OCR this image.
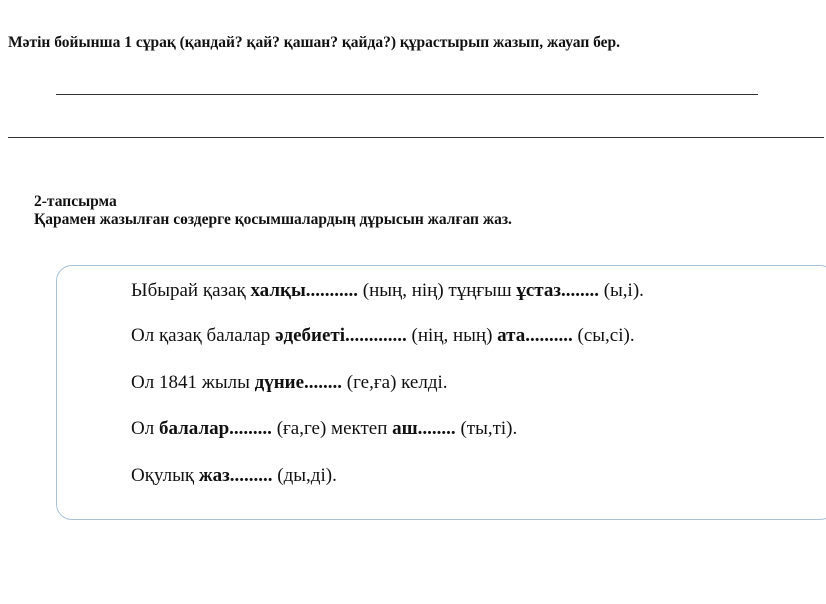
Мәтін бойынша 1 сұрақ (қандай? қай? қашан? қайда?) құрастырып жазып, жауап бер.
2-тапсырма
Қарамен жазылған сөздерге қосымшалардың дұрысын жалғап жаз.
Ыбырай қазақ халқы........... (ның, нің) тұңғыш ұстаз........ (ы,і).
Ол қазақ балалар әдебиеті............. (нің, ның) ата.......... (сы,сі).
Ол 1841 жылы дүние........ (ге,ға) келді.
Ол балалар......... (ға,ге) мектеп аш........ (ты,ті).
Оқулық жаз......... (ды,ді).
